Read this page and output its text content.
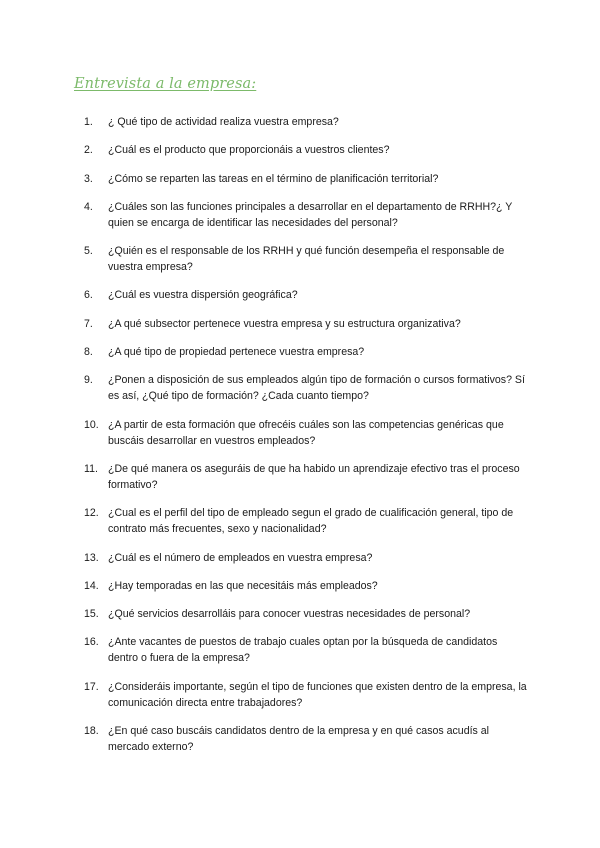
Entrevista a la empresa:
1.	¿ Qué tipo de actividad realiza vuestra empresa?
2.	¿Cuál es el producto que proporcionáis a vuestros clientes?
3.	¿Cómo se reparten las tareas en el término de planificación territorial?
4.	¿Cuáles son las funciones principales a desarrollar en el departamento de RRHH?¿ Y quien se encarga de identificar las necesidades del personal?
5.	¿Quién es el responsable de los RRHH y qué función desempeña el responsable de vuestra empresa?
6.	¿Cuál es vuestra dispersión geográfica?
7.	¿A qué subsector pertenece vuestra empresa y su estructura organizativa?
8.	¿A qué tipo de propiedad pertenece vuestra empresa?
9.	¿Ponen a disposición de sus empleados algún tipo de formación o cursos formativos? Sí es así, ¿Qué tipo de formación? ¿Cada cuanto tiempo?
10. ¿A partir de esta formación que ofrecéis cuáles son las competencias genéricas que buscáis desarrollar en vuestros empleados?
11. ¿De qué manera os aseguráis de que ha habido un aprendizaje efectivo tras el proceso formativo?
12. ¿Cual es el perfil del tipo de empleado segun el grado de cualificación general, tipo de contrato más frecuentes, sexo y nacionalidad?
13. ¿Cuál es el número de empleados en vuestra empresa?
14. ¿Hay temporadas en las que necesitáis más empleados?
15. ¿Qué servicios desarrolláis para conocer vuestras necesidades de personal?
16. ¿Ante vacantes de puestos de trabajo cuales optan por la búsqueda de candidatos dentro o fuera de la empresa?
17. ¿Consideráis importante, según el tipo de funciones que existen dentro de la empresa, la comunicación directa entre trabajadores?
18. ¿En qué caso buscáis candidatos dentro de la empresa y en qué casos acudís al mercado externo?
